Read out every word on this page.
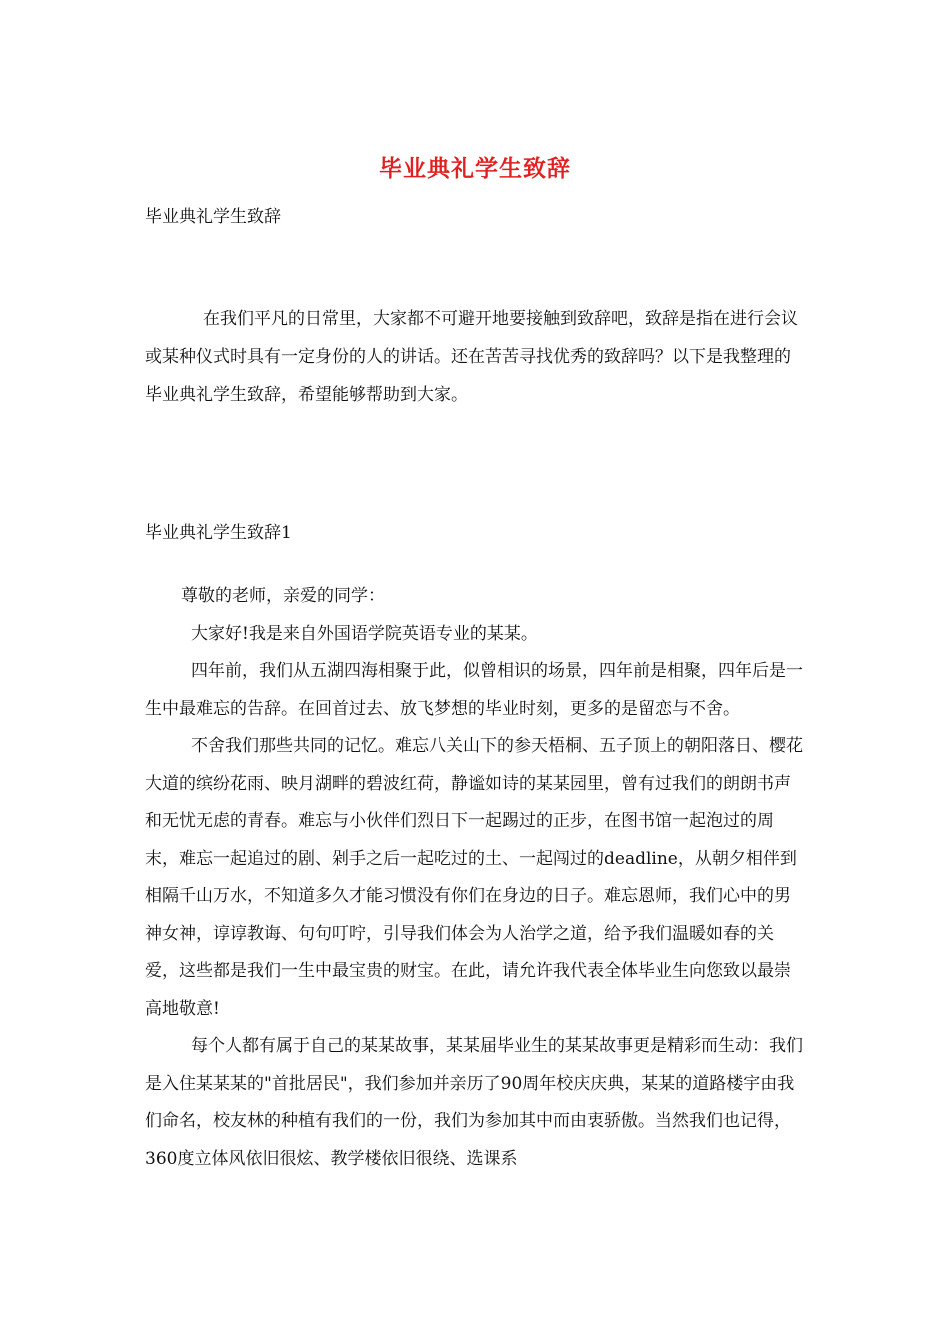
毕业典礼学生致辞
毕业典礼学生致辞

在我们平凡的日常里，大家都不可避开地要接触到致辞吧，致辞是指在进行会议或某种仪式时具有一定身份的人的讲话。还在苦苦寻找优秀的致辞吗？以下是我整理的毕业典礼学生致辞，希望能够帮助到大家。

毕业典礼学生致辞1

尊敬的老师，亲爱的同学：

大家好!我是来自外国语学院英语专业的某某。

四年前，我们从五湖四海相聚于此，似曾相识的场景，四年前是相聚，四年后是一生中最难忘的告辞。在回首过去、放飞梦想的毕业时刻，更多的是留恋与不舍。

不舍我们那些共同的记忆。难忘八关山下的参天梧桐、五子顶上的朝阳落日、樱花大道的缤纷花雨、映月湖畔的碧波红荷，静谧如诗的某某园里，曾有过我们的朗朗书声和无忧无虑的青春。难忘与小伙伴们烈日下一起踢过的正步，在图书馆一起泡过的周末，难忘一起追过的剧、剁手之后一起吃过的土、一起闯过的deadline，从朝夕相伴到相隔千山万水，不知道多久才能习惯没有你们在身边的日子。难忘恩师，我们心中的男神女神，谆谆教诲、句句叮咛，引导我们体会为人治学之道，给予我们温暖如春的关爱，这些都是我们一生中最宝贵的财宝。在此，请允许我代表全体毕业生向您致以最崇高地敬意!

每个人都有属于自己的某某故事，某某届毕业生的某某故事更是精彩而生动：我们是入住某某某的"首批居民"，我们参加并亲历了90周年校庆庆典，某某的道路楼宇由我们命名，校友林的种植有我们的一份，我们为参加其中而由衷骄傲。当然我们也记得，360度立体风依旧很炫、教学楼依旧很绕、选课系
